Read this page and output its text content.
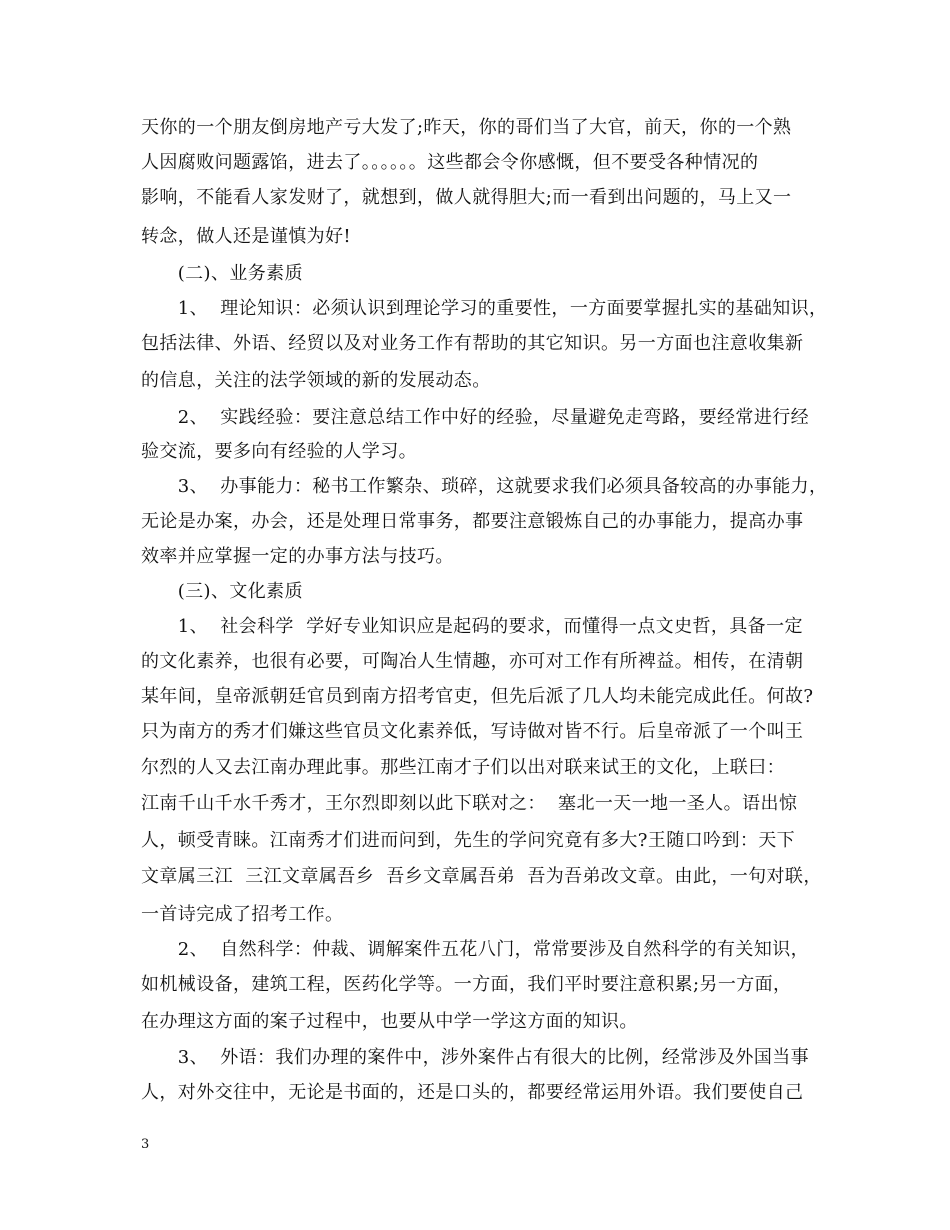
天你的一个朋友倒房地产亏大发了;昨天，你的哥们当了大官，前天，你的一个熟
人因腐败问题露馅，进去了。。。。。。这些都会令你感慨，但不要受各种情况的
影响，不能看人家发财了，就想到，做人就得胆大;而一看到出问题的，马上又一
转念，做人还是谨慎为好!
(二)、业务素质
1、  理论知识：必须认识到理论学习的重要性，一方面要掌握扎实的基础知识，
包括法律、外语、经贸以及对业务工作有帮助的其它知识。另一方面也注意收集新
的信息，关注的法学领域的新的发展动态。
2、  实践经验：要注意总结工作中好的经验，尽量避免走弯路，要经常进行经
验交流，要多向有经验的人学习。
3、  办事能力：秘书工作繁杂、琐碎，这就要求我们必须具备较高的办事能力，
无论是办案，办会，还是处理日常事务，都要注意锻炼自己的办事能力，提高办事
效率并应掌握一定的办事方法与技巧。
(三)、文化素质
1、  社会科学  学好专业知识应是起码的要求，而懂得一点文史哲，具备一定
的文化素养，也很有必要，可陶冶人生情趣，亦可对工作有所裨益。相传，在清朝
某年间，皇帝派朝廷官员到南方招考官吏，但先后派了几人均未能完成此任。何故?
只为南方的秀才们嫌这些官员文化素养低，写诗做对皆不行。后皇帝派了一个叫王
尔烈的人又去江南办理此事。那些江南才子们以出对联来试王的文化，上联曰：
江南千山千水千秀才，王尔烈即刻以此下联对之：  塞北一天一地一圣人。语出惊
人，顿受青睐。江南秀才们进而问到，先生的学问究竟有多大?王随口吟到：天下
文章属三江  三江文章属吾乡  吾乡文章属吾弟  吾为吾弟改文章。由此，一句对联，
一首诗完成了招考工作。
2、  自然科学：仲裁、调解案件五花八门，常常要涉及自然科学的有关知识，
如机械设备，建筑工程，医药化学等。一方面，我们平时要注意积累;另一方面，
在办理这方面的案子过程中，也要从中学一学这方面的知识。
3、  外语：我们办理的案件中，涉外案件占有很大的比例，经常涉及外国当事
人，对外交往中，无论是书面的，还是口头的，都要经常运用外语。我们要使自己
3
